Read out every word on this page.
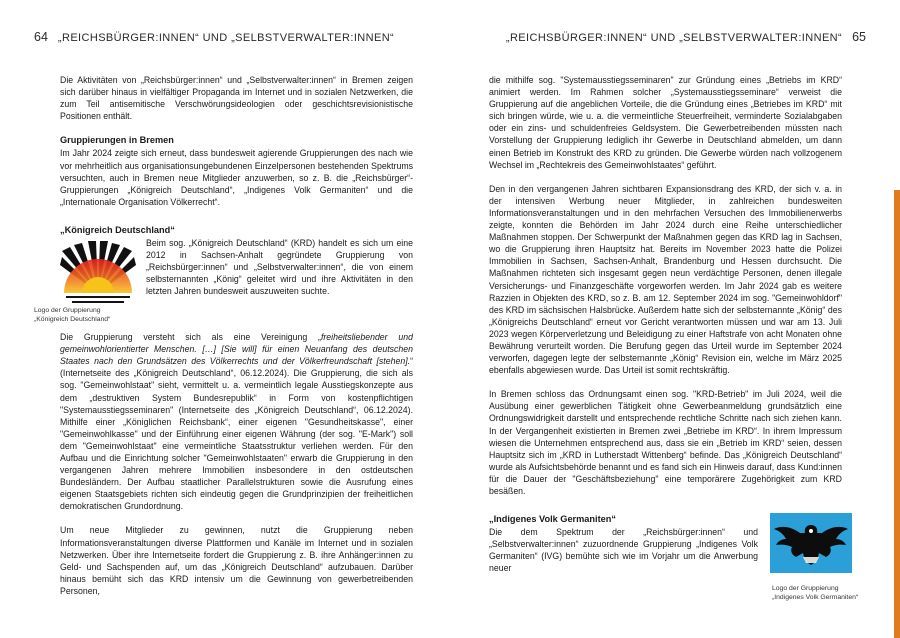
64 „REICHSBÜRGER:INNEN“ UND „SELBSTVERWALTER:INNEN“

Die Aktivitäten von „Reichsbürger:innen“ und „Selbstverwalter:innen“ in Bremen zeigen sich darüber hinaus in vielfältiger Propaganda im Internet und in sozialen Netzwerken, die zum Teil antisemitische Verschwörungsideologien oder geschichtsrevisionistische Positionen enthält.

Gruppierungen in Bremen

Im Jahr 2024 zeigte sich erneut, dass bundesweit agierende Gruppierungen des nach wie vor mehrheitlich aus organisationsungebundenen Einzelpersonen bestehenden Spektrums versuchten, auch in Bremen neue Mitglieder anzuwerben, so z. B. die „Reichsbürger“-Gruppierungen „Königreich Deutschland“, „Indigenes Volk Germaniten“ und die „Internationale Organisation Völkerrecht“.

„Königreich Deutschland“

Beim sog. „Königreich Deutschland“ (KRD) handelt es sich um eine 2012 in Sachsen-Anhalt gegründete Gruppierung von „Reichsbürger:innen“ und „Selbstverwalter:innen“, die von einem selbsternannten „König“ geleitet wird und ihre Aktivitäten in den letzten Jahren bundesweit auszuweiten suchte.

Die Gruppierung versteht sich als eine Vereinigung „freiheitsliebender und gemeinwohlorientierter Menschen. […] [Sie will] für einen Neuanfang des deutschen Staates nach den Grundsätzen des Völkerrechts und der Völkerfreundschaft [stehen].“ (Internetseite des „Königreich Deutschland“, 06.12.2024). Die Gruppierung, die sich als sog. "Gemeinwohlstaat" sieht, vermittelt u. a. vermeintlich legale Ausstiegskonzepte aus dem „destruktiven System Bundesrepublik“ in Form von kostenpflichtigen "Systemausstiegsseminaren" (Internetseite des „Königreich Deutschland“, 06.12.2024). Mithilfe einer „Königlichen Reichsbank“, einer eigenen "Gesundheitskasse", einer "Gemeinwohlkasse" und der Einführung einer eigenen Währung (der sog. "E-Mark") soll dem "Gemeinwohlstaat" eine vermeintliche Staatsstruktur verliehen werden. Für den Aufbau und die Einrichtung solcher "Gemeinwohlstaaten" erwarb die Gruppierung in den vergangenen Jahren mehrere Immobilien insbesondere in den ostdeutschen Bundesländern. Der Aufbau staatlicher Parallelstrukturen sowie die Ausrufung eines eigenen Staatsgebiets richten sich eindeutig gegen die Grundprinzipien der freiheitlichen demokratischen Grundordnung.

Um neue Mitglieder zu gewinnen, nutzt die Gruppierung neben Informationsveranstaltungen diverse Plattformen und Kanäle im Internet und in sozialen Netzwerken. Über ihre Internetseite fordert die Gruppierung z. B. ihre Anhänger:innen zu Geld- und Sachspenden auf, um das „Königreich Deutschland“ aufzubauen. Darüber hinaus bemüht sich das KRD intensiv um die Gewinnung von gewerbetreibenden Personen,

Logo der Gruppierung
„Königreich Deutschland“
„REICHSBÜRGER:INNEN“ UND „SELBSTVERWALTER:INNEN“ 65

die mithilfe sog. "Systemausstiegsseminaren" zur Gründung eines „Betriebs im KRD“ animiert werden. Im Rahmen solcher „Systemausstiegsseminare“ verweist die Gruppierung auf die angeblichen Vorteile, die die Gründung eines „Betriebes im KRD“ mit sich bringen würde, wie u. a. die vermeintliche Steuerfreiheit, verminderte Sozialabgaben oder ein zins- und schuldenfreies Geldsystem. Die Gewerbetreibenden müssten nach Vorstellung der Gruppierung lediglich ihr Gewerbe in Deutschland abmelden, um dann einen Betrieb im Konstrukt des KRD zu gründen. Die Gewerbe würden nach vollzogenem Wechsel im „Rechtekreis des Gemeinwohlstaates“ geführt.

Den in den vergangenen Jahren sichtbaren Expansionsdrang des KRD, der sich v. a. in der intensiven Werbung neuer Mitglieder, in zahlreichen bundesweiten Informationsveranstaltungen und in den mehrfachen Versuchen des Immobilienerwerbs zeigte, konnten die Behörden im Jahr 2024 durch eine Reihe unterschiedlicher Maßnahmen stoppen. Der Schwerpunkt der Maßnahmen gegen das KRD lag in Sachsen, wo die Gruppierung ihren Hauptsitz hat. Bereits im November 2023 hatte die Polizei Immobilien in Sachsen, Sachsen-Anhalt, Brandenburg und Hessen durchsucht. Die Maßnahmen richteten sich insgesamt gegen neun verdächtige Personen, denen illegale Versicherungs- und Finanzgeschäfte vorgeworfen werden. Im Jahr 2024 gab es weitere Razzien in Objekten des KRD, so z. B. am 12. September 2024 im sog. "Gemeinwohldorf" des KRD im sächsischen Halsbrücke. Außerdem hatte sich der selbsternannte „König“ des „Königreichs Deutschland“ erneut vor Gericht verantworten müssen und war am 13. Juli 2023 wegen Körperverletzung und Beleidigung zu einer Haftstrafe von acht Monaten ohne Bewährung verurteilt worden. Die Berufung gegen das Urteil wurde im September 2024 verworfen, dagegen legte der selbsternannte „König“ Revision ein, welche im März 2025 ebenfalls abgewiesen wurde. Das Urteil ist somit rechtskräftig.

In Bremen schloss das Ordnungsamt einen sog. "KRD-Betrieb" im Juli 2024, weil die Ausübung einer gewerblichen Tätigkeit ohne Gewerbeanmeldung grundsätzlich eine Ordnungswidrigkeit darstellt und entsprechende rechtliche Schritte nach sich ziehen kann. In der Vergangenheit existierten in Bremen zwei „Betriebe im KRD“. In ihrem Impressum wiesen die Unternehmen entsprechend aus, dass sie ein „Betrieb im KRD“ seien, dessen Hauptsitz sich im „KRD in Lutherstadt Wittenberg“ befinde. Das „Königreich Deutschland“ wurde als Aufsichtsbehörde benannt und es fand sich ein Hinweis darauf, dass Kund:innen für die Dauer der "Geschäftsbeziehung" eine temporärere Zugehörigkeit zum KRD besäßen.

„Indigenes Volk Germaniten“

Die dem Spektrum der „Reichsbürger:innen“ und „Selbstverwalter:innen“ zuzuordnende Gruppierung „Indigenes Volk Germaniten“ (IVG) bemühte sich wie im Vorjahr um die Anwerbung neuer

Logo der Gruppierung
„Indigenes Volk Germaniten“
